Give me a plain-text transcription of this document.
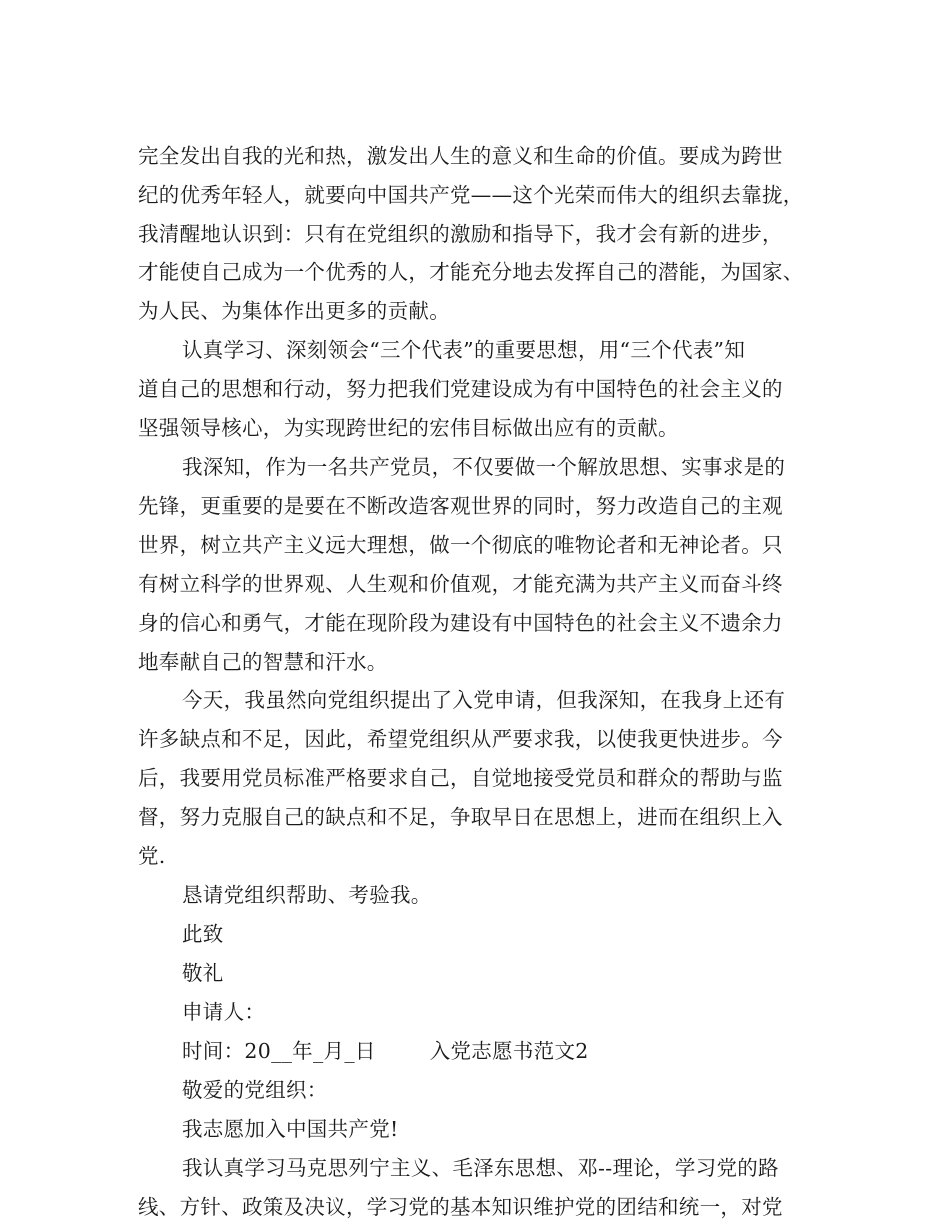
完全发出自我的光和热，激发出人生的意义和生命的价值。要成为跨世
纪的优秀年轻人，就要向中国共产党——这个光荣而伟大的组织去靠拢，
我清醒地认识到：只有在党组织的激励和指导下，我才会有新的进步，
才能使自己成为一个优秀的人，才能充分地去发挥自己的潜能，为国家、
为人民、为集体作出更多的贡献。
认真学习、深刻领会“三个代表”的重要思想，用“三个代表”知
道自己的思想和行动，努力把我们党建设成为有中国特色的社会主义的
坚强领导核心，为实现跨世纪的宏伟目标做出应有的贡献。
我深知，作为一名共产党员，不仅要做一个解放思想、实事求是的
先锋，更重要的是要在不断改造客观世界的同时，努力改造自己的主观
世界，树立共产主义远大理想，做一个彻底的唯物论者和无神论者。只
有树立科学的世界观、人生观和价值观，才能充满为共产主义而奋斗终
身的信心和勇气，才能在现阶段为建设有中国特色的社会主义不遗余力
地奉献自己的智慧和汗水。
今天，我虽然向党组织提出了入党申请，但我深知，在我身上还有
许多缺点和不足，因此，希望党组织从严要求我，以使我更快进步。今
后，我要用党员标准严格要求自己，自觉地接受党员和群众的帮助与监
督，努力克服自己的缺点和不足，争取早日在思想上，进而在组织上入
党.
恳请党组织帮助、考验我。
此致
敬礼
申请人：
时间：20__年_月_日	入党志愿书范文2
敬爱的党组织：
我志愿加入中国共产党!
我认真学习马克思列宁主义、毛泽东思想、邓--理论，学习党的路
线、方针、政策及决议，学习党的基本知识维护党的团结和统一，对党
